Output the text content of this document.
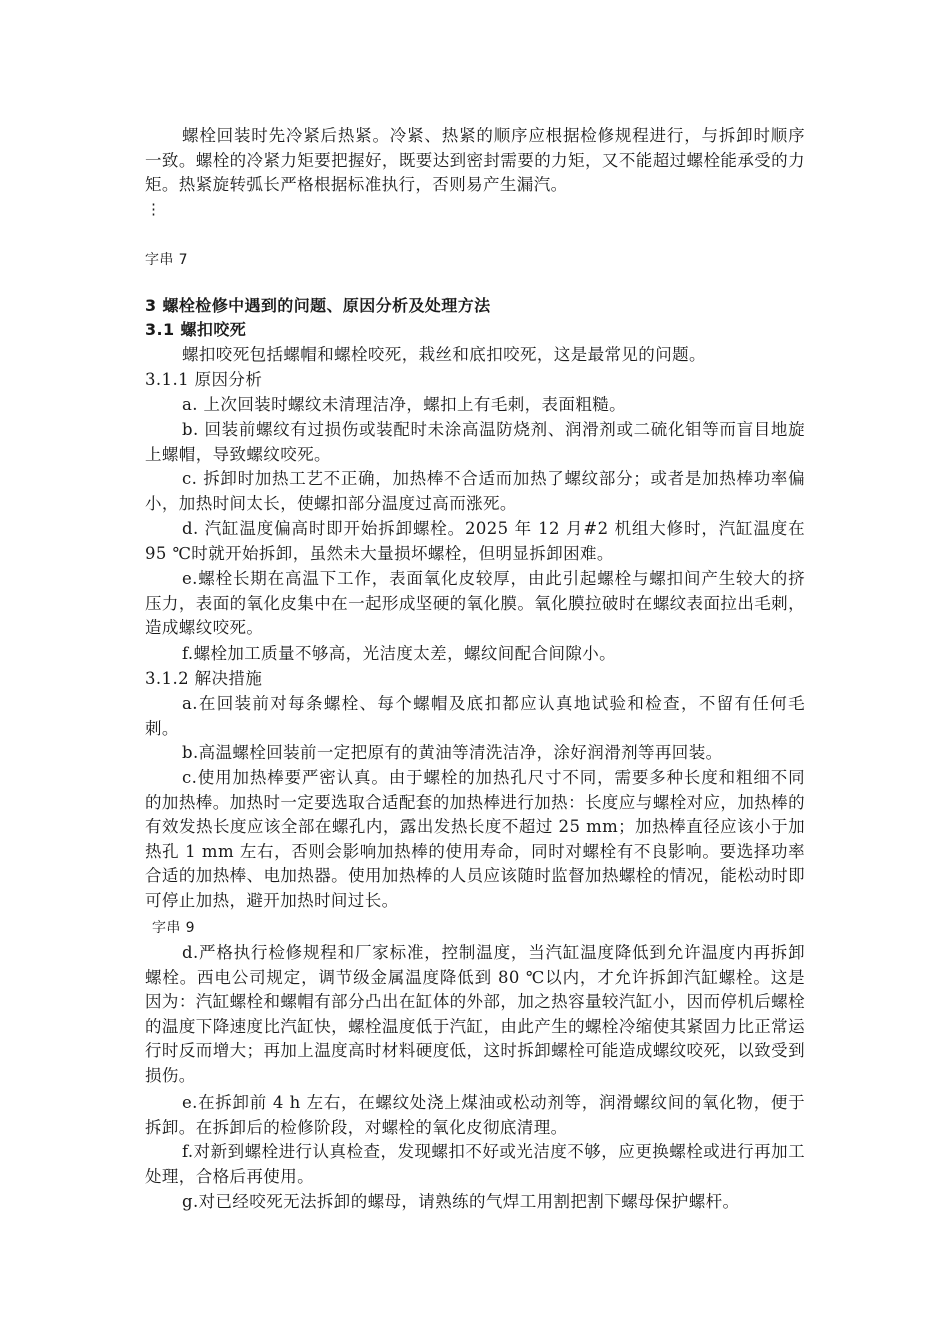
螺栓回装时先冷紧后热紧。冷紧、热紧的顺序应根据检修规程进行，与拆卸时顺序一致。螺栓的冷紧力矩要把握好，既要达到密封需要的力矩，又不能超过螺栓能承受的力矩。热紧旋转弧长严格根据标准执行，否则易产生漏汽。

⋮

字串 7

3 螺栓检修中遇到的问题、原因分析及处理方法

3.1 螺扣咬死

螺扣咬死包括螺帽和螺栓咬死，栽丝和底扣咬死，这是最常见的问题。

3.1.1 原因分析

a. 上次回装时螺纹未清理洁净，螺扣上有毛刺，表面粗糙。

b. 回装前螺纹有过损伤或装配时未涂高温防烧剂、润滑剂或二硫化钼等而盲目地旋上螺帽，导致螺纹咬死。

c. 拆卸时加热工艺不正确，加热棒不合适而加热了螺纹部分；或者是加热棒功率偏小，加热时间太长，使螺扣部分温度过高而涨死。

d. 汽缸温度偏高时即开始拆卸螺栓。2025 年 12 月#2 机组大修时，汽缸温度在 95 ℃时就开始拆卸，虽然未大量损坏螺栓，但明显拆卸困难。

e.螺栓长期在高温下工作，表面氧化皮较厚，由此引起螺栓与螺扣间产生较大的挤压力，表面的氧化皮集中在一起形成坚硬的氧化膜。氧化膜拉破时在螺纹表面拉出毛刺，造成螺纹咬死。

f.螺栓加工质量不够高，光洁度太差，螺纹间配合间隙小。

3.1.2 解决措施

a.在回装前对每条螺栓、每个螺帽及底扣都应认真地试验和检查，不留有任何毛刺。

b.高温螺栓回装前一定把原有的黄油等清洗洁净，涂好润滑剂等再回装。

c.使用加热棒要严密认真。由于螺栓的加热孔尺寸不同，需要多种长度和粗细不同的加热棒。加热时一定要选取合适配套的加热棒进行加热：长度应与螺栓对应，加热棒的有效发热长度应该全部在螺孔内，露出发热长度不超过 25 mm；加热棒直径应该小于加热孔 1 mm 左右，否则会影响加热棒的使用寿命，同时对螺栓有不良影响。要选择功率合适的加热棒、电加热器。使用加热棒的人员应该随时监督加热螺栓的情况，能松动时即可停止加热，避开加热时间过长。

字串 9

d.严格执行检修规程和厂家标准，控制温度，当汽缸温度降低到允许温度内再拆卸螺栓。西电公司规定，调节级金属温度降低到 80 ℃以内，才允许拆卸汽缸螺栓。这是因为：汽缸螺栓和螺帽有部分凸出在缸体的外部，加之热容量较汽缸小，因而停机后螺栓的温度下降速度比汽缸快，螺栓温度低于汽缸，由此产生的螺栓冷缩使其紧固力比正常运行时反而增大；再加上温度高时材料硬度低，这时拆卸螺栓可能造成螺纹咬死，以致受到损伤。

e.在拆卸前 4 h 左右，在螺纹处浇上煤油或松动剂等，润滑螺纹间的氧化物，便于拆卸。在拆卸后的检修阶段，对螺栓的氧化皮彻底清理。

f.对新到螺栓进行认真检查，发现螺扣不好或光洁度不够，应更换螺栓或进行再加工处理，合格后再使用。

g.对已经咬死无法拆卸的螺母，请熟练的气焊工用割把割下螺母保护螺杆。
